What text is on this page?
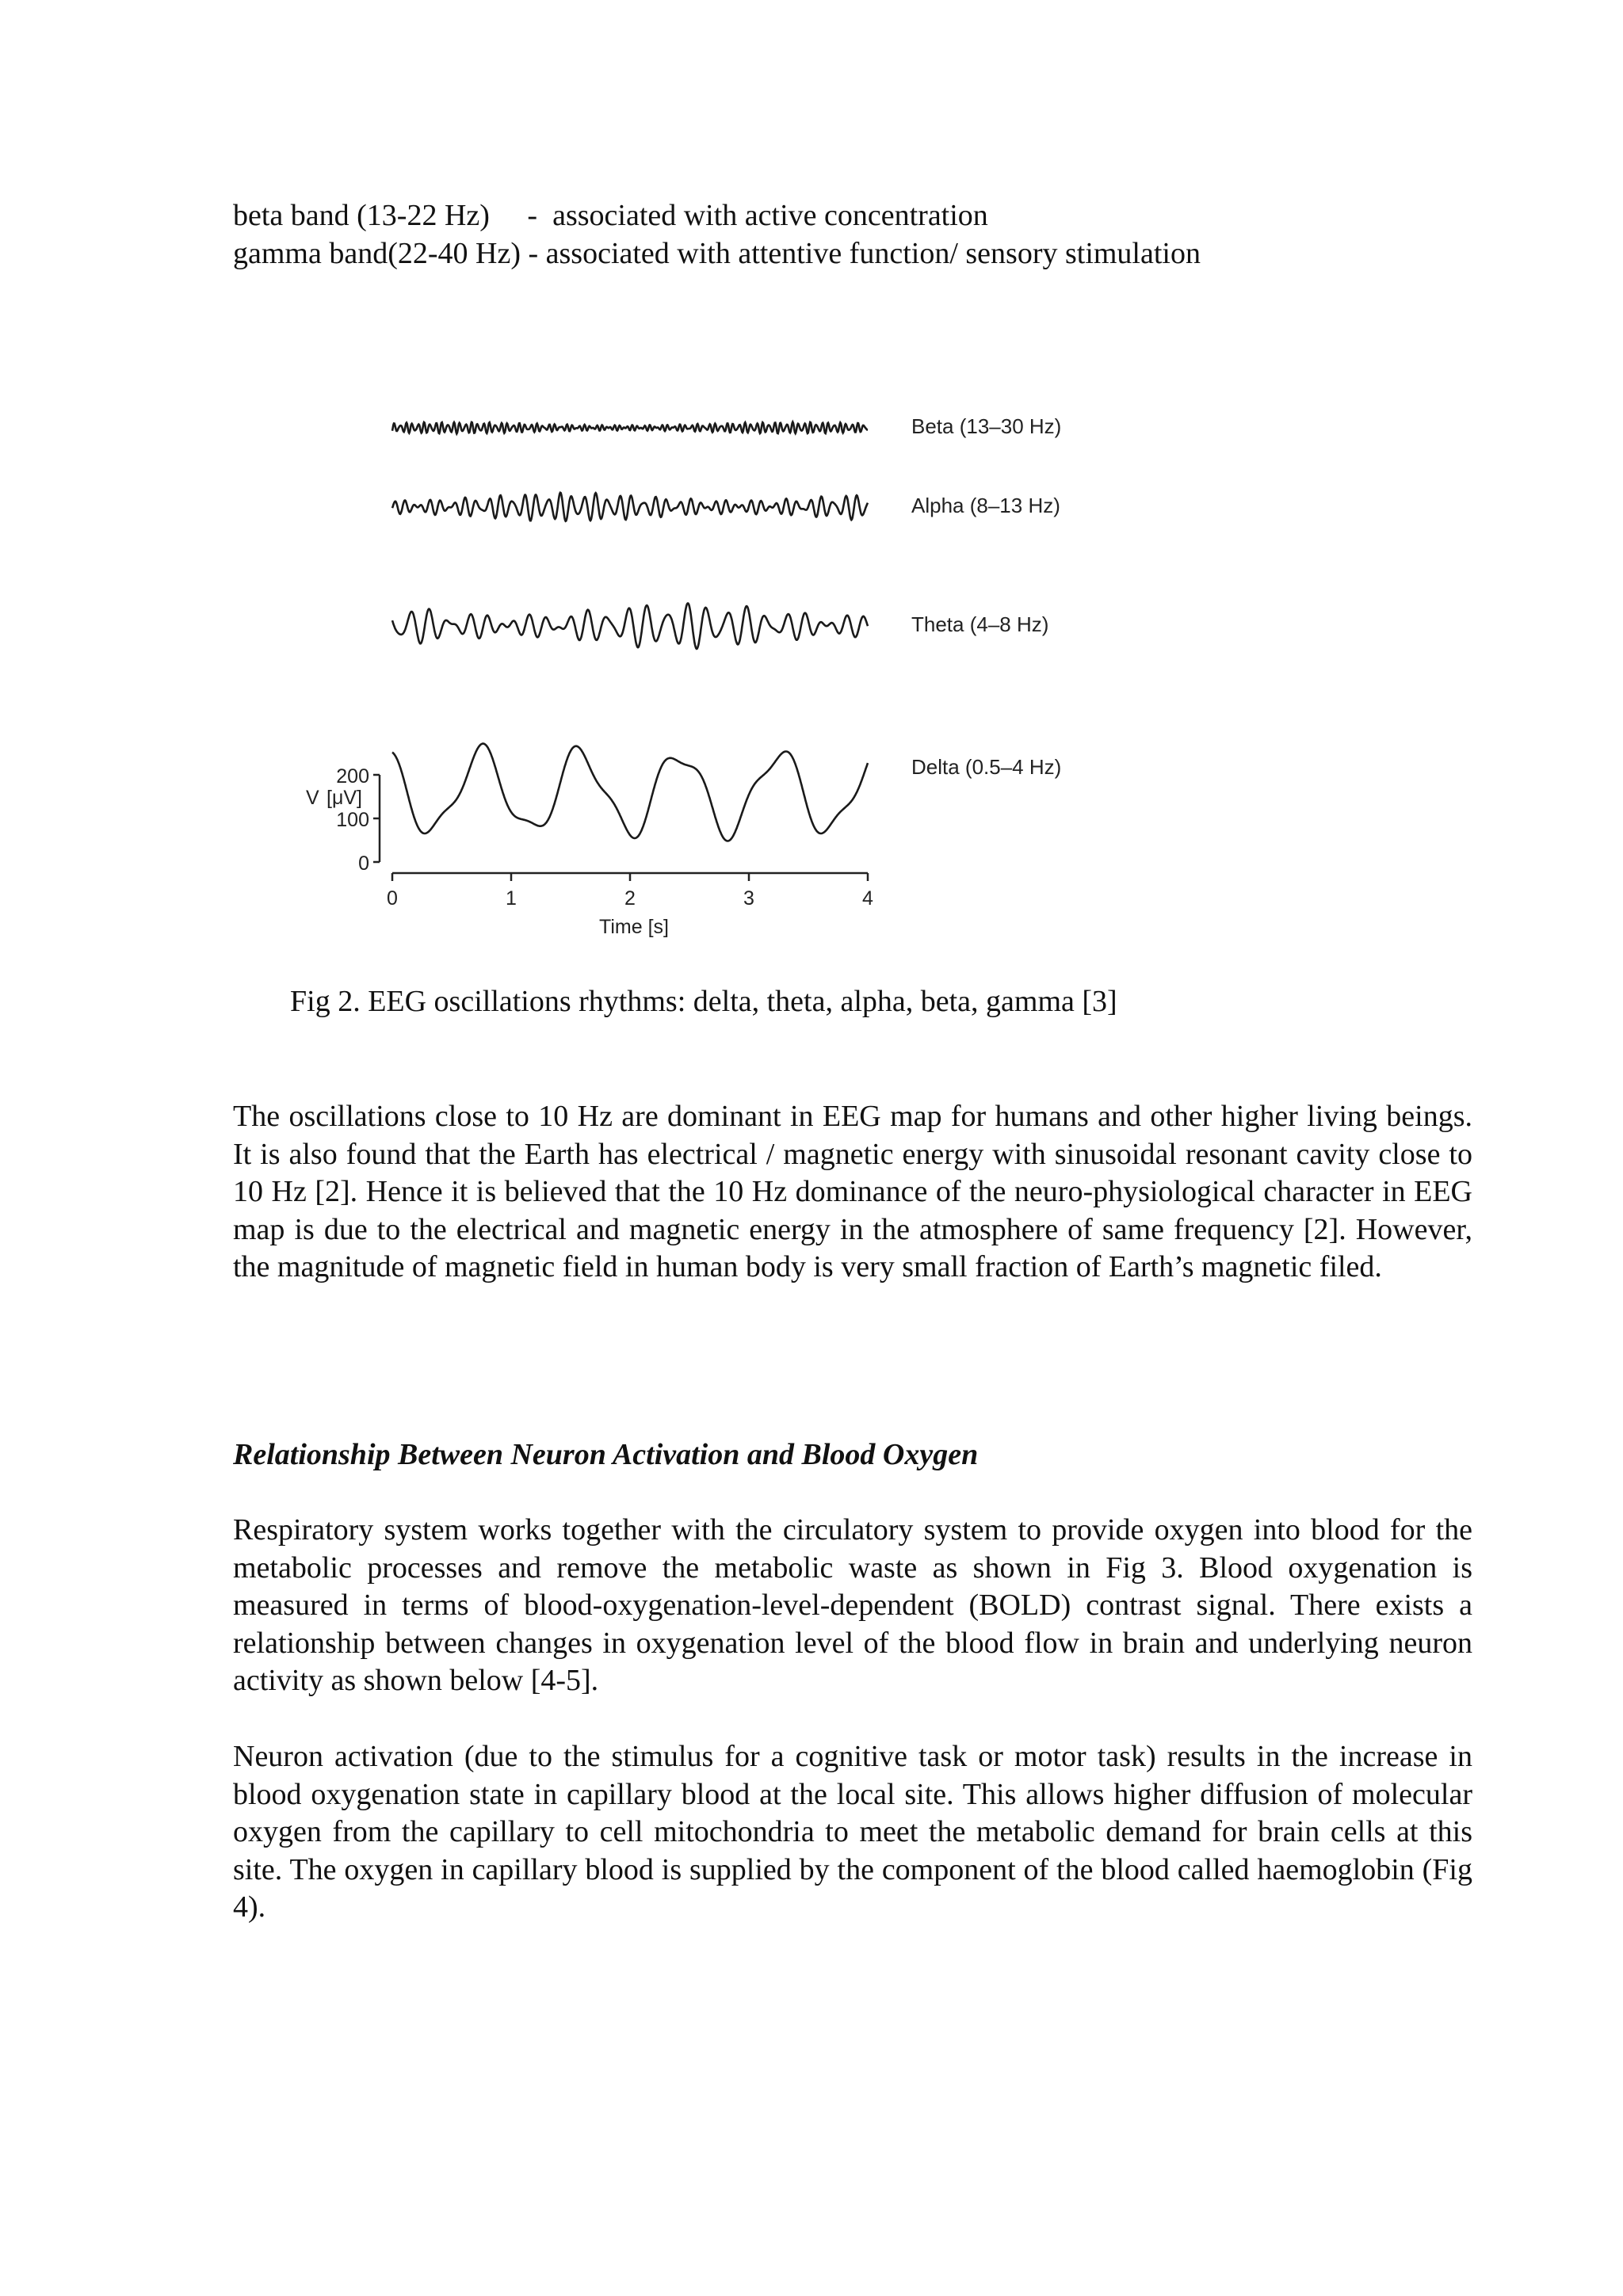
beta band (13-22 Hz)     -  associated with active concentration
gamma band(22-40 Hz) - associated with attentive function/ sensory stimulation
Beta (13–30 Hz)
Alpha (8–13 Hz)
Theta (4–8 Hz)
Delta (0.5–4 Hz)
200
100
0
V [μV]
0	1	2	3	4
Time [s]
Fig 2. EEG oscillations rhythms: delta, theta, alpha, beta, gamma [3]

The oscillations close to 10 Hz are dominant in EEG map for humans and other higher living beings. It is also found that the Earth has electrical / magnetic energy with sinusoidal resonant cavity close to 10 Hz [2]. Hence it is believed that the 10 Hz dominance of the neuro-physiological character in EEG map is due to the electrical and magnetic energy in the atmosphere of same frequency [2]. However, the magnitude of magnetic field in human body is very small fraction of Earth’s magnetic filed.

Relationship Between Neuron Activation and Blood Oxygen

Respiratory system works together with the circulatory system to provide oxygen into blood for the metabolic processes and remove the metabolic waste as shown in Fig 3. Blood oxygenation is measured in terms of blood-oxygenation-level-dependent (BOLD) contrast signal. There exists a relationship between changes in oxygenation level of the blood flow in brain and underlying neuron activity as shown below [4-5].

Neuron activation (due to the stimulus for a cognitive task or motor task) results in the increase in blood oxygenation state in capillary blood at the local site. This allows higher diffusion of molecular oxygen from the capillary to cell mitochondria to meet the metabolic demand for brain cells at this site. The oxygen in capillary blood is supplied by the component of the blood called haemoglobin (Fig 4).
